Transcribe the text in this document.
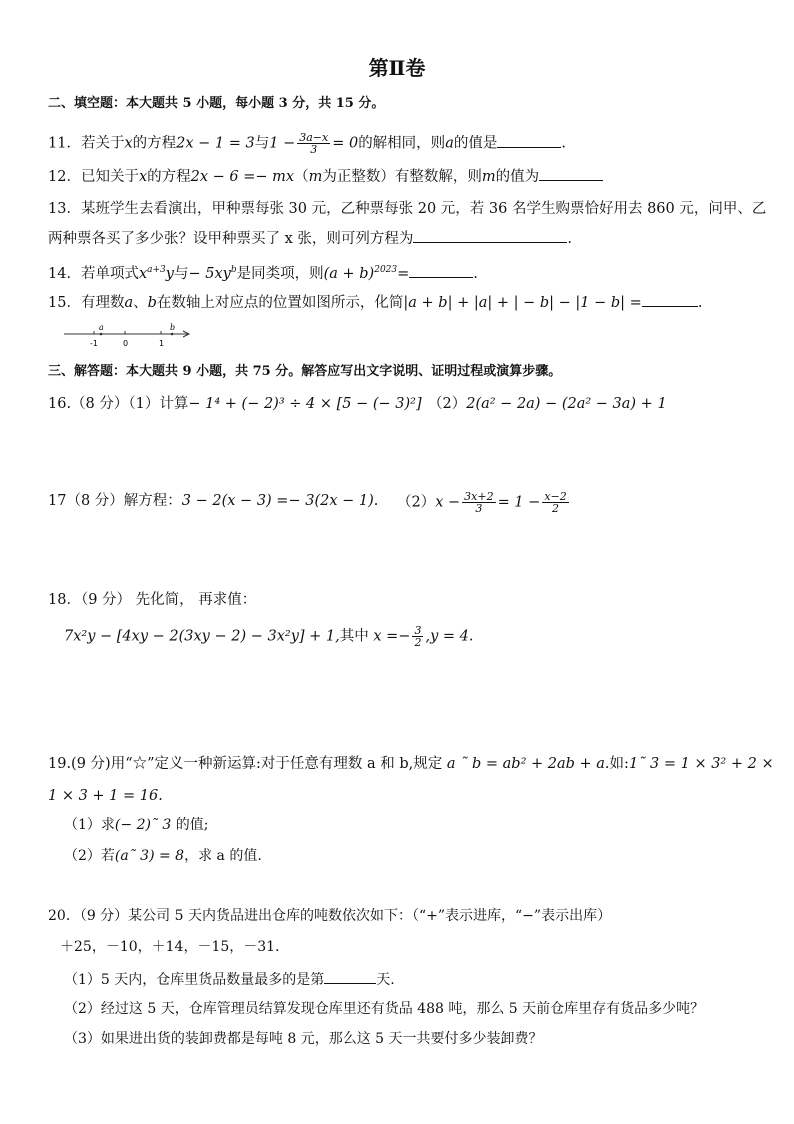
第Ⅱ卷
二、填空题：本大题共 5 小题，每小题 3 分，共 15 分。
11．若关于x的方程2x − 1 = 3与$1 - \frac{3a-x}{3} = 0$的解相同，则a的值是	.
12．已知关于x的方程2x − 6 =− mx（m为正整数）有整数解，则m的值为
13．某班学生去看演出，甲种票每张 30 元，乙种票每张 20 元，若 36 名学生购票恰好用去 860 元，问甲、乙
两种票各买了多少张？设甲种票买了 x 张，则可列方程为	.
14．若单项式$x^{a+3}y$与− $5xy^b$是同类项，则$(a + b)^{2023}=$	.
15．有理数a、b在数轴上对应点的位置如图所示，化简|a + b| + |a| + | − b| − |1 − b| =	.
a	b
-1	0	1
三、解答题：本大题共 9 小题，共 75 分。解答应写出文字说明、证明过程或演算步骤。
16.（8 分）（1）计算− 1⁴ + (− 2)³ ÷ 4 × [5 − (− 3)²] （2）2(a² − 2a) − (2a² − 3a) + 1
17（8 分）解方程：3 − 2(x − 3) =− 3(2x − 1). $(2)x - \frac{3x+2}{3} = 1 - \frac{x-2}{2}$
18．（9 分） 先化简， 再求值：
7x²y − [4xy − 2(3xy − 2) − 3x²y] + 1,其中 $x =- \frac{3}{2} ,y = 4$.
19.(9 分)用“☆”定义一种新运算:对于任意有理数 a 和 b,规定 a ˜ b = ab² + 2ab + a.如:1˜ 3 = 1 × 3² + 2 ×
1 × 3 + 1 = 16.
（1）求(− 2)˜ 3 的值;
（2）若(a˜ 3) = 8，求 a 的值.
20．（9 分）某公司 5 天内货品进出仓库的吨数依次如下：（“+”表示进库，“−”表示出库）
＋25，－10，＋14，－15，－31．
（1）5 天内，仓库里货品数量最多的是第	天.
（2）经过这 5 天，仓库管理员结算发现仓库里还有货品 488 吨，那么 5 天前仓库里存有货品多少吨？
（3）如果进出货的装卸费都是每吨 8 元，那么这 5 天一共要付多少装卸费？
